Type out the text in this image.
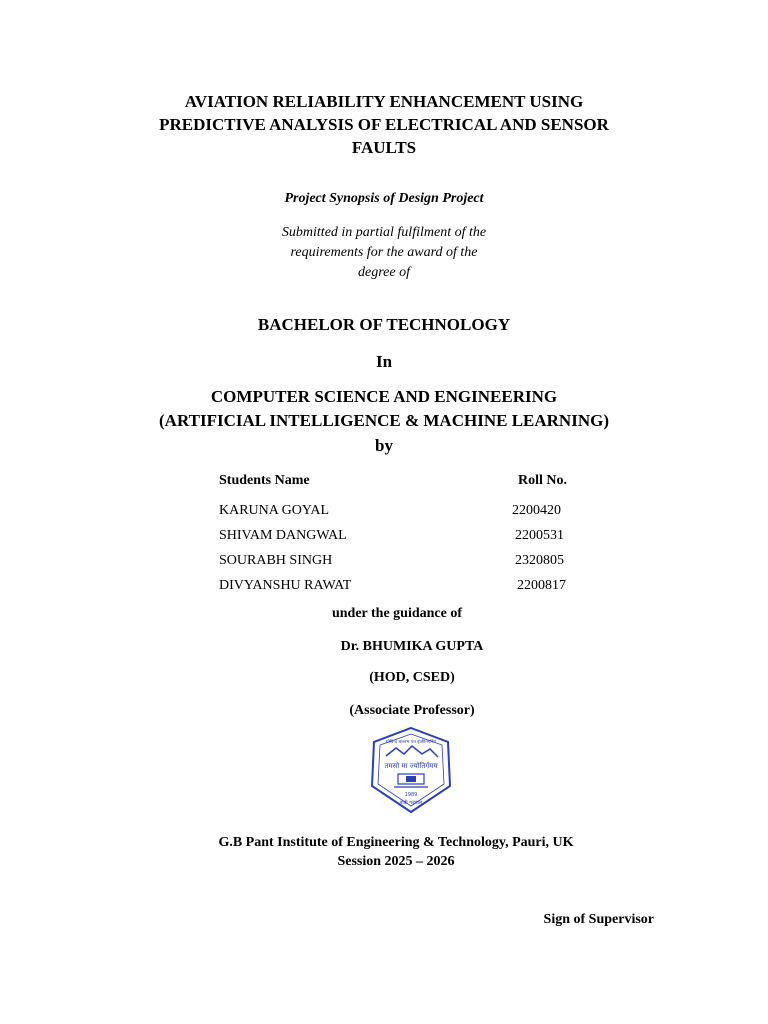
AVIATION RELIABILITY ENHANCEMENT USING
PREDICTIVE ANALYSIS OF ELECTRICAL AND SENSOR
FAULTS
Project Synopsis of Design Project
Submitted in partial fulfilment of the
requirements for the award of the
degree of
BACHELOR OF TECHNOLOGY
In
COMPUTER SCIENCE AND ENGINEERING
(ARTIFICIAL INTELLIGENCE & MACHINE LEARNING)
by
Students Name	Roll No.
KARUNA GOYAL	2200420
SHIVAM DANGWAL	2200531
SOURABH SINGH	2320805
DIVYANSHU RAWAT	2200817
under the guidance of
Dr. BHUMIKA GUPTA
(HOD, CSED)
(Associate Professor)
गोविन्द बल्लभ पंत इंजीनियरिंग
तमसो मा ज्योतिर्गमय
1989
पौड़ी गढ़वाल
G.B Pant Institute of Engineering & Technology, Pauri, UK
Session 2025 – 2026
Sign of Supervisor
